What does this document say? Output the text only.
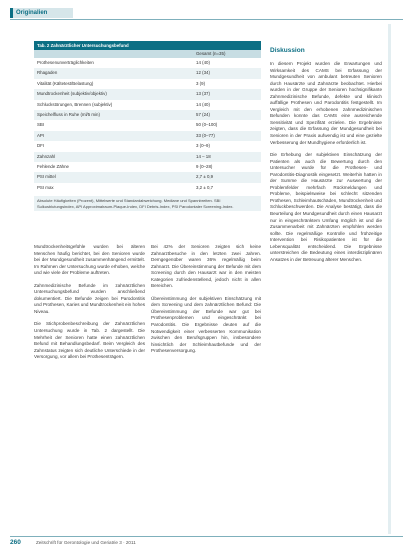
Originalien
Tab. 2 Zahnärztlicher Untersuchungsbefund
Gesamt (n=35)
Prothesenunverträglichkeiten	14 (40)
Rhagaden	12 (34)
Vitalität (Kältetest/Belastung)	3 (9)
Mundtrockenheit (subjektiv/objektiv)	13 (37)
Schluckstörungen, Brennen (subjektiv)	14 (40)
Speichelfluss in Ruhe (ml/5 min)	57 (24)
SBI	50 (0–100)
API	33 (0–77)
DFI	3 (0–9)
Zahnzahl	14 – 18
Fehlende Zähne	9 (0–28)
PSI mittel	2,7 ± 0,9
PSI max	3,2 ± 0,7
Absolute Häufigkeiten (Prozent), Mittelwerte und Standardabweichung. Mediane und Spannbreiten. SBI Sulkusblutungsindex, API Approximalraum-Plaque-Index, DFI Debris-Index, PSI Parodontaler Screening-Index.
Diskussion

Mundtrockenheitsgefühle wurden bei älteren Menschen häufig berichtet, bei den Senioren wurde bei der Mundgesundheit zusammenhängend ermittelt. Im Rahmen der Untersuchung wurde erhoben, welche und wie viele der Probleme auftreten.

Zahnmedizinische Befunde im zahnärztlichen Untersuchungsbefund wurden anschließend dokumentiert. Die Befunde zeigen bei Parodontitis und Prothesen, Karies und Mundtrockenheit ein hohes Niveau.

Die Stichprobenbeschreibung der Zahnärztlichen Untersuchung wurde in Tab. 2 dargestellt. Die Mehrheit der Senioren hatte einen zahnärztlichen Befund mit Behandlungsbedarf. Beim Vergleich des Zahnstatus zeigten sich deutliche Unterschiede in der Versorgung, vor allem bei Prothesenträgern.

Bei 42% der Senioren zeigten sich keine Zahnarztbesuche in den letzten zwei Jahren. Demgegenüber waren 36% regelmäßig beim Zahnarzt. Die Übereinstimmung der Befunde mit dem Screening durch den Hausarzt war in den meisten Kategorien zufriedenstellend, jedoch nicht in allen Bereichen.

Übereinstimmung der subjektiven Einschätzung mit dem Screening und dem zahnärztlichen Befund: Die Übereinstimmung der Befunde war gut bei Prothesenproblemen und eingeschränkt bei Parodontitis. Die Ergebnisse deuten auf die Notwendigkeit einer verbesserten Kommunikation zwischen den Berufsgruppen hin, insbesondere hinsichtlich der Schleimhautbefunde und der Prothesenversorgung.

In diesem Projekt wurden die Erwartungen und Wirksamkeit des CAMS bei Erfassung der Mundgesundheit von ambulant betreuten Senioren durch Hausärzte und Zahnärzte beobachtet. Hierbei wurden in der Gruppe der Senioren hochsignifikante Zahnmedizinische Befunde, defekte und klinisch auffällige Prothesen und Parodontitis festgestellt. Im Vergleich mit den erhobenen zahnmedizinischen Befunden konnte das CAMS eine ausreichende Sensitivität und Spezifität erzielen. Die Ergebnisse zeigten, dass die Erfassung der Mundgesundheit bei Senioren in der Praxis aufwendig ist und eine gezielte Verbesserung der Mundhygiene erforderlich ist.

Die Erhebung der subjektiven Einschätzung der Patienten als auch die Bewertung durch den Untersucher wurde für die Prothesen- und Parodontitis-Diagnostik eingesetzt. Weiterhin hatten in der Summe die Hausärzte zur Auswertung der Problemfelder mehrfach Rückmeldungen und Probleme, beispielsweise bei schlecht sitzenden Prothesen, Schleimhautschäden, Mundtrockenheit und Schluckbeschwerden. Die Analyse bestätigt, dass die Beurteilung der Mundgesundheit durch einen Hausarzt nur in eingeschränktem Umfang möglich ist und die Zusammenarbeit mit Zahnärzten empfohlen werden sollte. Die regelmäßige Kontrolle und frühzeitige Intervention bei Risikopatienten ist für die Lebensqualität entscheidend. Die Ergebnisse unterstreichen die Bedeutung eines interdisziplinären Ansatzes in der Betreuung älterer Menschen.

260	Zeitschrift für Gerontologie und Geriatrie 3 · 2011
